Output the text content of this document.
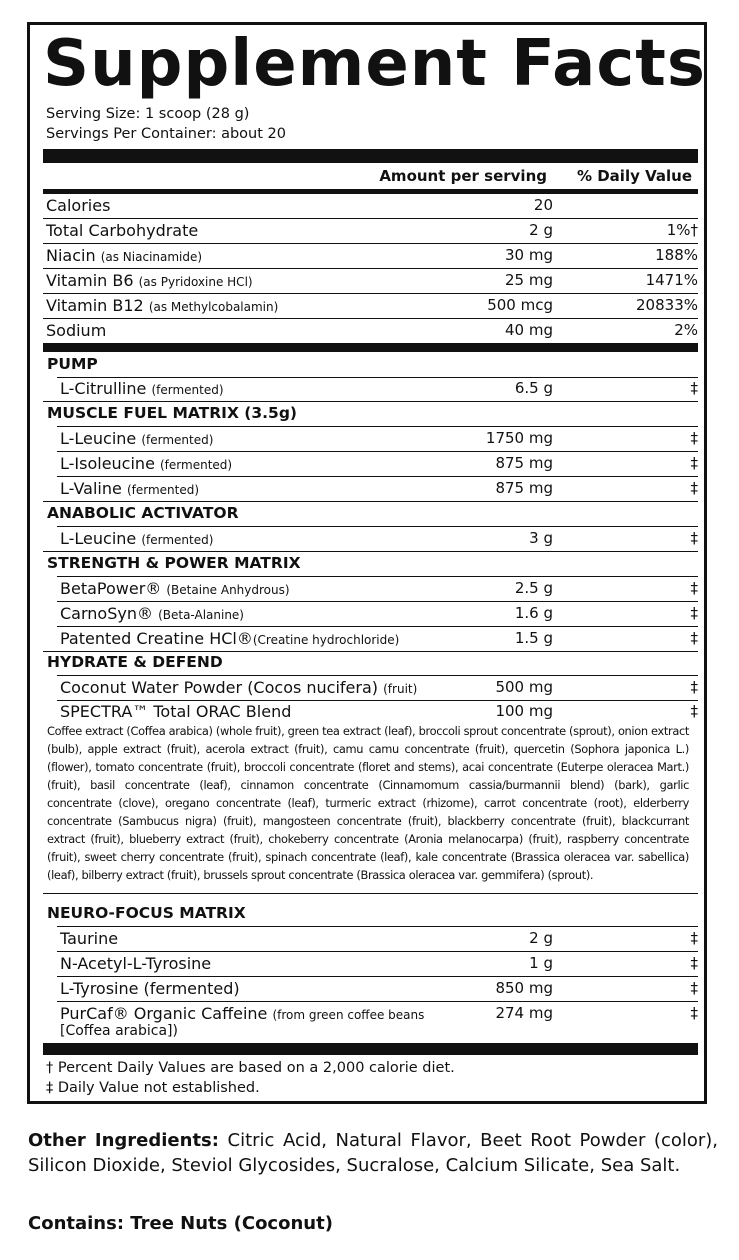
Supplement Facts
Serving Size: 1 scoop (28 g)
Servings Per Container: about 20
Amount per serving % Daily Value
Calories	20
Total Carbohydrate	2 g	1%†
Niacin (as Niacinamide)	30 mg	188%
Vitamin B6 (as Pyridoxine HCl)	25 mg	1471%
Vitamin B12 (as Methylcobalamin)	500 mcg	20833%
Sodium	40 mg	2%
PUMP
L-Citrulline (fermented)	6.5 g	‡
MUSCLE FUEL MATRIX (3.5g)
L-Leucine (fermented)	1750 mg	‡
L-Isoleucine (fermented)	875 mg	‡
L-Valine (fermented)	875 mg	‡
ANABOLIC ACTIVATOR
L-Leucine (fermented)	3 g	‡
STRENGTH & POWER MATRIX
BetaPower® (Betaine Anhydrous)	2.5 g	‡
CarnoSyn® (Beta-Alanine)	1.6 g	‡
Patented Creatine HCl®(Creatine hydrochloride)	1.5 g	‡
HYDRATE & DEFEND
Coconut Water Powder (Cocos nucifera) (fruit)	500 mg	‡
SPECTRA™ Total ORAC Blend	100 mg	‡
Coffee extract (Coffea arabica) (whole fruit), green tea extract (leaf), broccoli sprout concentrate (sprout), onion extract (bulb), apple extract (fruit), acerola extract (fruit), camu camu concentrate (fruit), quercetin (Sophora japonica L.) (flower), tomato concentrate (fruit), broccoli concentrate (floret and stems), acai concentrate (Euterpe oleracea Mart.) (fruit), basil concentrate (leaf), cinnamon concentrate (Cinnamomum cassia/burmannii blend) (bark), garlic concentrate (clove), oregano concentrate (leaf), turmeric extract (rhizome), carrot concentrate (root), elderberry concentrate (Sambucus nigra) (fruit), mangosteen concentrate (fruit), blackberry concentrate (fruit), blackcurrant extract (fruit), blueberry extract (fruit), chokeberry concentrate (Aronia melanocarpa) (fruit), raspberry concentrate (fruit), sweet cherry concentrate (fruit), spinach concentrate (leaf), kale concentrate (Brassica oleracea var. sabellica) (leaf), bilberry extract (fruit), brussels sprout concentrate (Brassica oleracea var. gemmifera) (sprout).
NEURO-FOCUS MATRIX
Taurine	2 g	‡
N-Acetyl-L-Tyrosine	1 g	‡
L-Tyrosine (fermented)	850 mg	‡
PurCaf® Organic Caffeine (from green coffee beans
[Coffea arabica])
274 mg	‡
† Percent Daily Values are based on a 2,000 calorie diet.
‡ Daily Value not established.
Other Ingredients: Citric Acid, Natural Flavor, Beet Root Powder (color), Silicon Dioxide, Steviol Glycosides, Sucralose, Calcium Silicate, Sea Salt.
Contains: Tree Nuts (Coconut)
